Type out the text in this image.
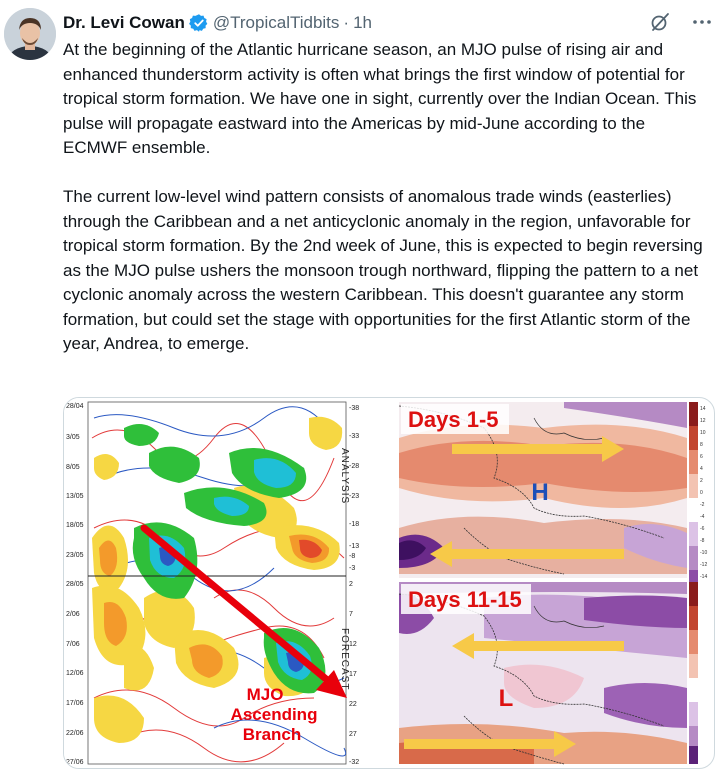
Dr. Levi Cowan @TropicalTidbits · 1h

At the beginning of the Atlantic hurricane season, an MJO pulse of rising air and enhanced thunderstorm activity is often what brings the first window of potential for tropical storm formation. We have one in sight, currently over the Indian Ocean. This pulse will propagate eastward into the Americas by mid-June according to the ECMWF ensemble.

The current low-level wind pattern consists of anomalous trade winds (easterlies) through the Caribbean and a net anticyclonic anomaly in the region, unfavorable for tropical storm formation. By the 2nd week of June, this is expected to begin reversing as the MJO pulse ushers the monsoon trough northward, flipping the pattern to a net cyclonic anomaly across the western Caribbean. This doesn't guarantee any storm formation, but could set the stage with opportunities for the first Atlantic storm of the year, Andrea, to emerge.

28/04
3/05
8/05
13/05
18/05
23/05
28/05
2/06
7/06
12/06
17/06
22/06
27/06
-38
-33
-28
-23
-18
-13
-8
-3
2
7
12
17
22
27
-32
ANALYSIS
FORECAST
MJO
Ascending
Branch
H
Days 1-5
L
Days 11-15
14
12
10
8
6
4
2
0
-2
-4
-6
-8
-10
-12
-14
